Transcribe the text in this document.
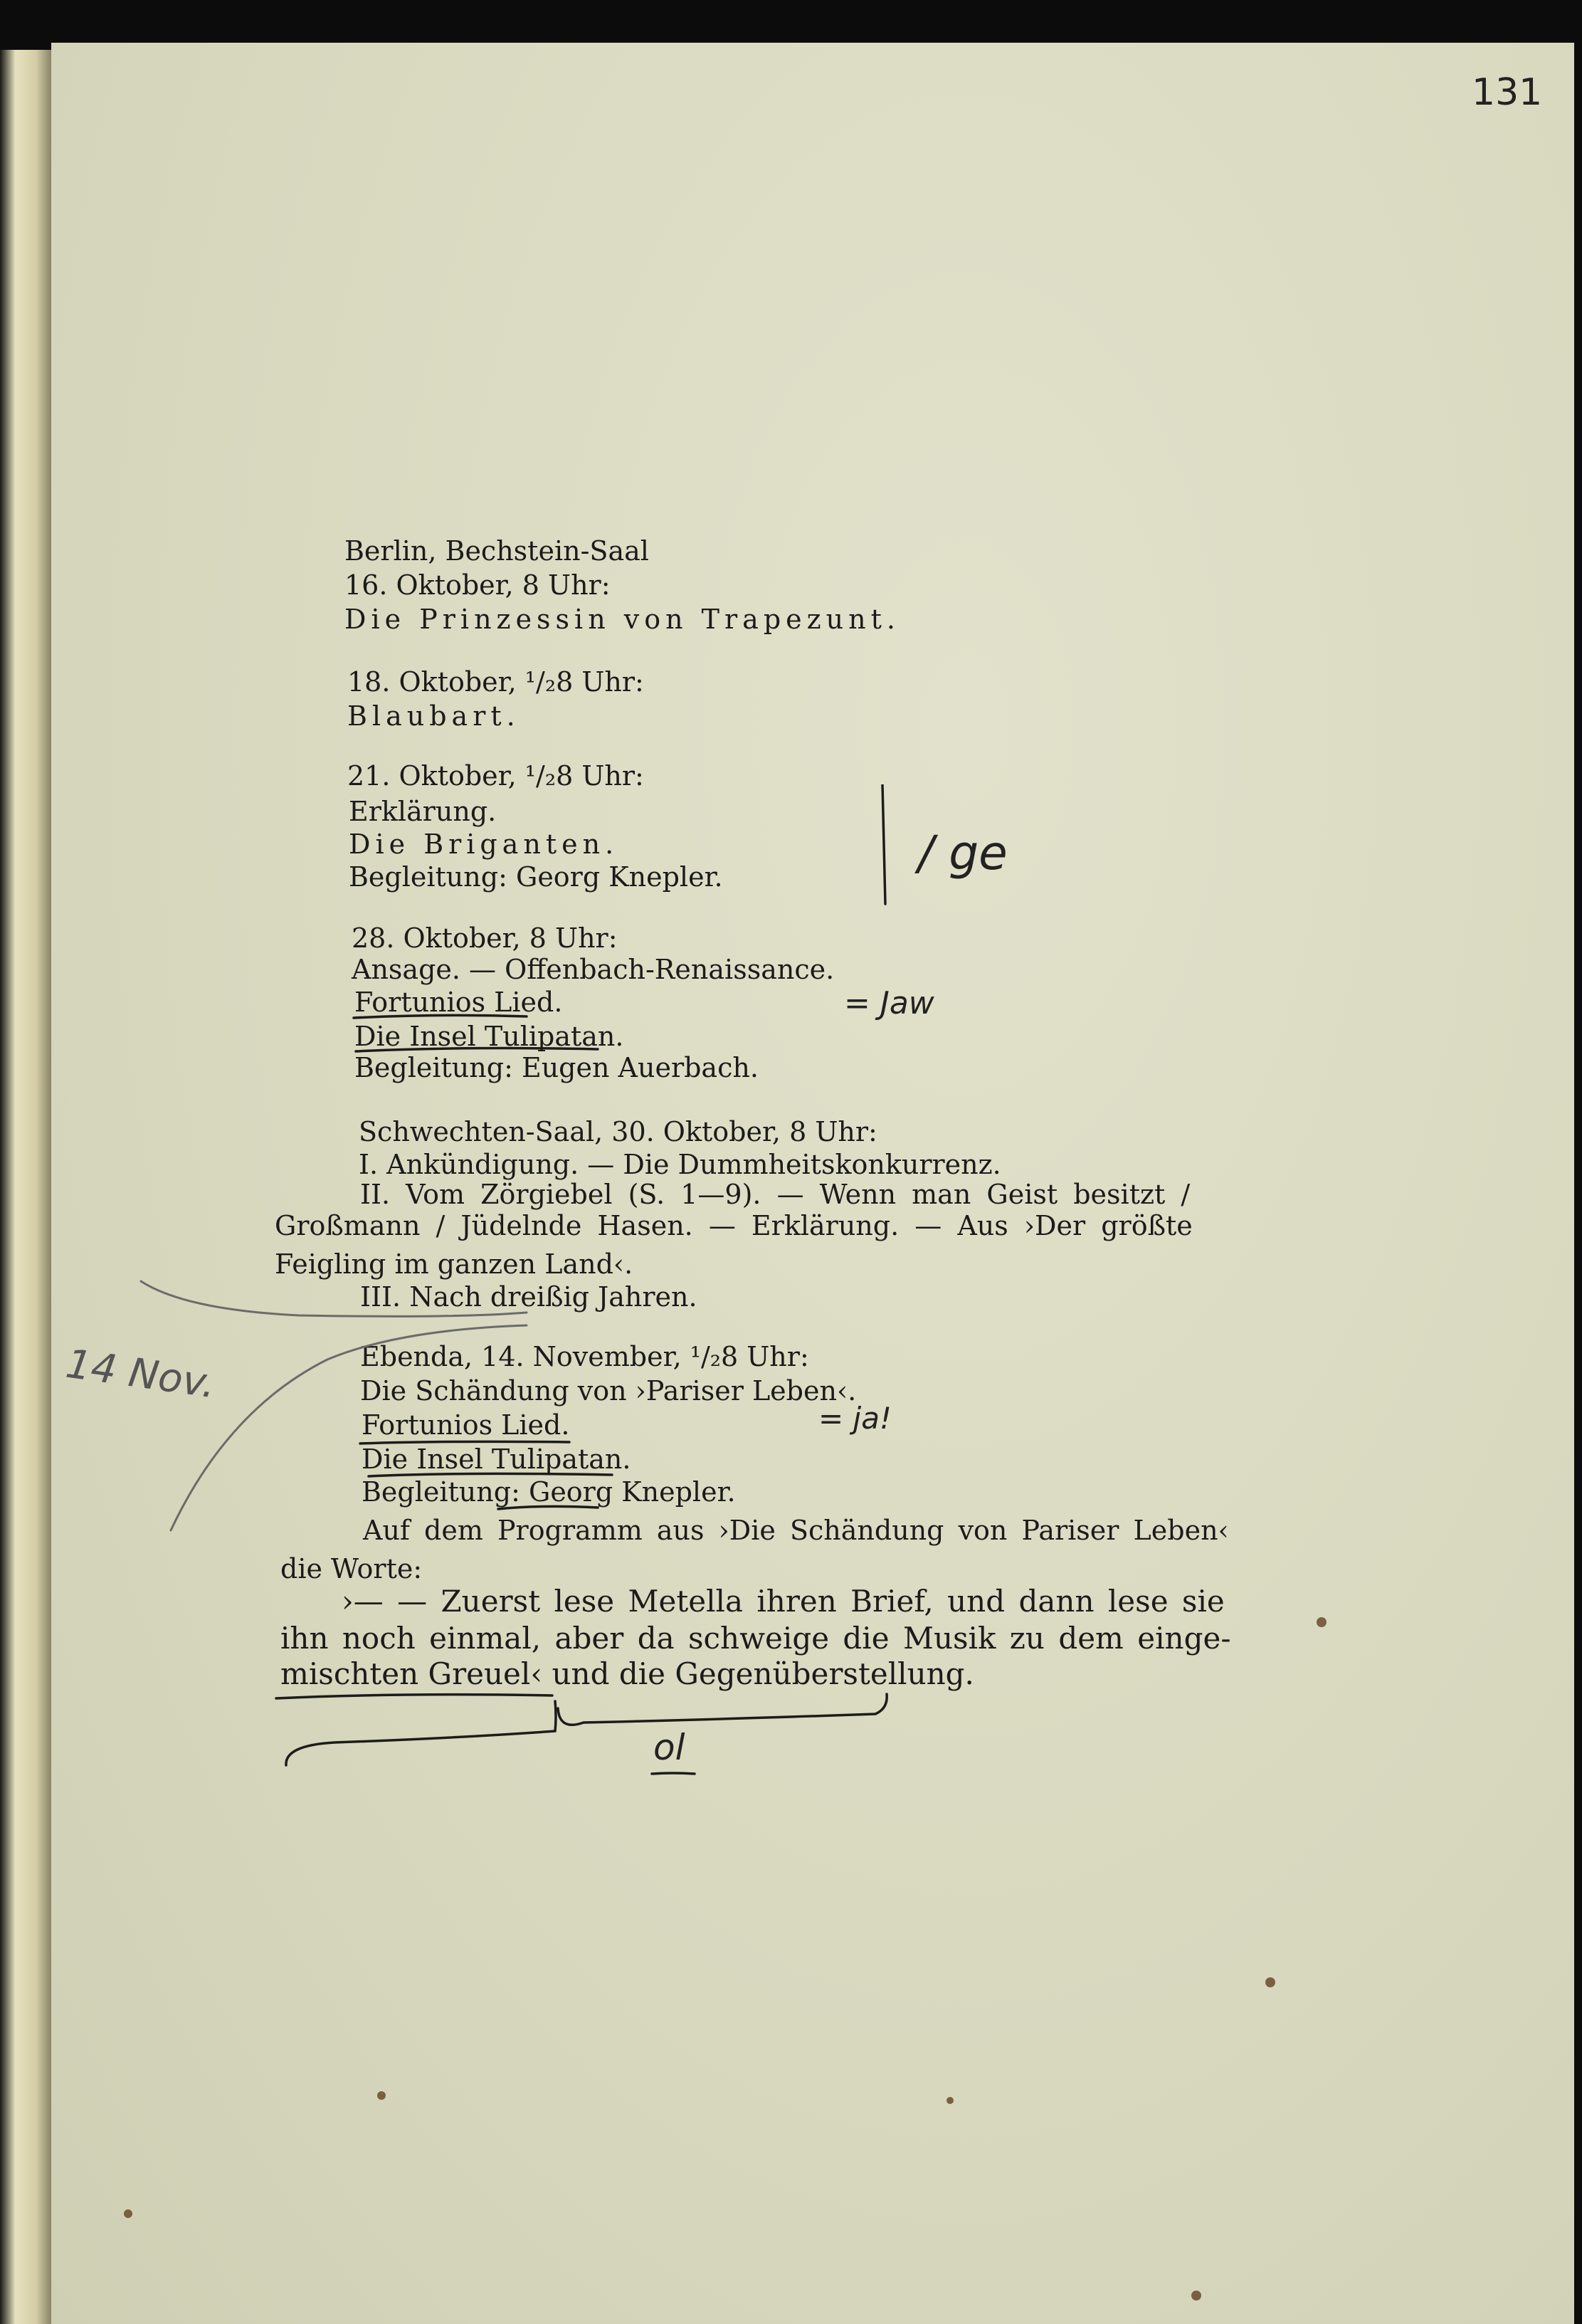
131
Berlin, Bechstein-Saal
16. Oktober, 8 Uhr:
Die Prinzessin von Trapezunt.
18. Oktober, ¹/₂8 Uhr:
Blaubart.
21. Oktober, ¹/₂8 Uhr:
Erklärung.
Die Briganten.
Begleitung: Georg Knepler.
28. Oktober, 8 Uhr:
Ansage. — Offenbach-Renaissance.
Fortunios Lied.
Die Insel Tulipatan.
Begleitung: Eugen Auerbach.
Schwechten-Saal, 30. Oktober, 8 Uhr:
I. Ankündigung. — Die Dummheitskonkurrenz.
II. Vom Zörgiebel (S. 1—9). — Wenn man Geist besitzt /
Großmann / Jüdelnde Hasen. — Erklärung. — Aus ›Der größte
Feigling im ganzen Land‹.
III. Nach dreißig Jahren.
Ebenda, 14. November, ¹/₂8 Uhr:
Die Schändung von ›Pariser Leben‹.
Fortunios Lied.
Die Insel Tulipatan.
Begleitung: Georg Knepler.
Auf dem Programm aus ›Die Schändung von Pariser Leben‹
die Worte:
›— — Zuerst lese Metella ihren Brief, und dann lese sie
ihn noch einmal, aber da schweige die Musik zu dem einge-
mischten Greuel‹ und die Gegenüberstellung.
/ ge
= Jaw
= ja!
14 Nov.
ol
